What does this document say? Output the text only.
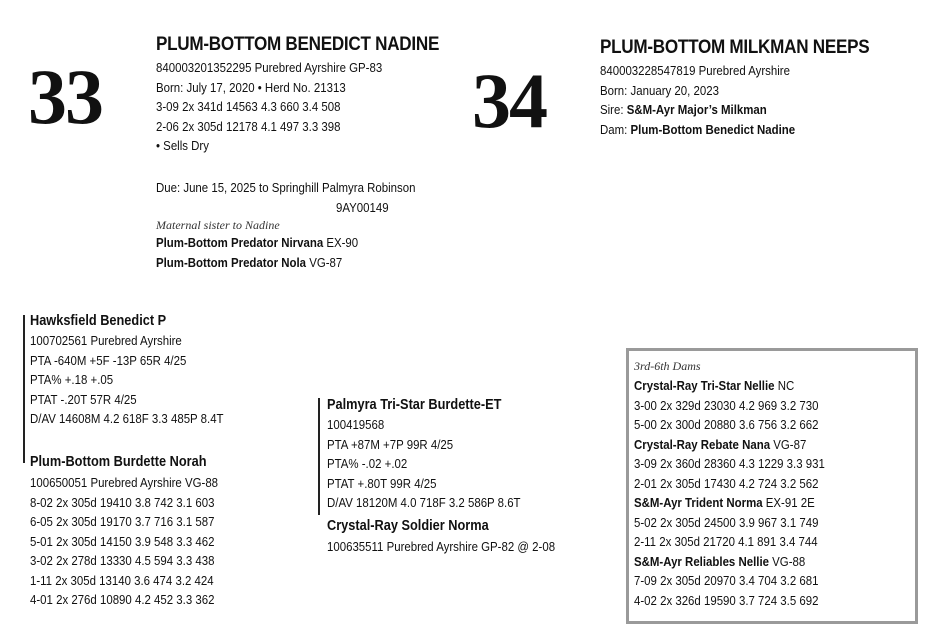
33
PLUM-BOTTOM BENEDICT NADINE
840003201352295 Purebred Ayrshire GP-83
Born: July 17, 2020 • Herd No. 21313
3-09 2x 341d 14563 4.3 660 3.4 508
2-06 2x 305d 12178 4.1 497 3.3 398
• Sells Dry
Due: June 15, 2025 to Springhill Palmyra Robinson
9AY00149
Maternal sister to Nadine
Plum-Bottom Predator Nirvana EX-90
Plum-Bottom Predator Nola VG-87
34
PLUM-BOTTOM MILKMAN NEEPS
840003228547819 Purebred Ayrshire
Born: January 20, 2023
Sire: S&M-Ayr Major’s Milkman
Dam: Plum-Bottom Benedict Nadine
Hawksfield Benedict P
100702561 Purebred Ayrshire
PTA -640M +5F -13P 65R 4/25
PTA% +.18 +.05
PTAT -.20T 57R 4/25
D/AV 14608M 4.2 618F 3.3 485P 8.4T
Plum-Bottom Burdette Norah
100650051 Purebred Ayrshire VG-88
8-02 2x 305d 19410 3.8 742 3.1 603
6-05 2x 305d 19170 3.7 716 3.1 587
5-01 2x 305d 14150 3.9 548 3.3 462
3-02 2x 278d 13330 4.5 594 3.3 438
1-11 2x 305d 13140 3.6 474 3.2 424
4-01 2x 276d 10890 4.2 452 3.3 362
Palmyra Tri-Star Burdette-ET
100419568
PTA +87M +7P 99R 4/25
PTA% -.02 +.02
PTAT +.80T 99R 4/25
D/AV 18120M 4.0 718F 3.2 586P 8.6T
Crystal-Ray Soldier Norma
100635511 Purebred Ayrshire GP-82 @ 2-08
3rd-6th Dams
Crystal-Ray Tri-Star Nellie NC
3-00 2x 329d 23030 4.2 969 3.2 730
5-00 2x 300d 20880 3.6 756 3.2 662
Crystal-Ray Rebate Nana VG-87
3-09 2x 360d 28360 4.3 1229 3.3 931
2-01 2x 305d 17430 4.2 724 3.2 562
S&M-Ayr Trident Norma EX-91 2E
5-02 2x 305d 24500 3.9 967 3.1 749
2-11 2x 305d 21720 4.1 891 3.4 744
S&M-Ayr Reliables Nellie VG-88
7-09 2x 305d 20970 3.4 704 3.2 681
4-02 2x 326d 19590 3.7 724 3.5 692
